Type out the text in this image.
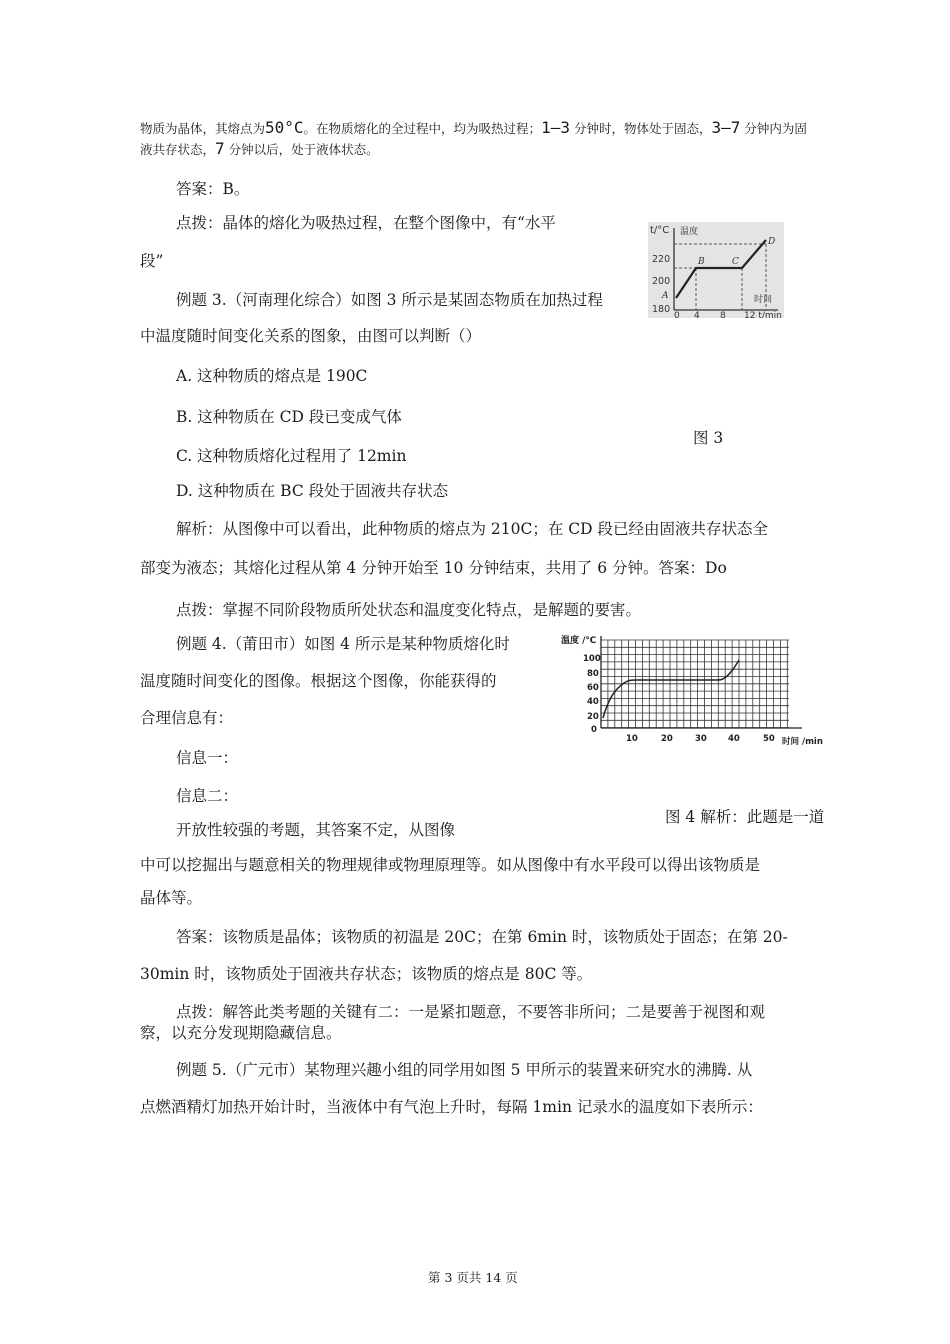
物质为晶体，其熔点为50°C。在物质熔化的全过程中，均为吸热过程；1—3 分钟时，物体处于固态，3–7 分钟内为固
液共存状态，7 分钟以后，处于液体状态。
答案：B。
点拨：晶体的熔化为吸热过程，在整个图像中，有“水平
段”
例题 3.（河南理化综合）如图 3 所示是某固态物质在加热过程
中温度随时间变化关系的图象，由图可以判断（）
A. 这种物质的熔点是 190C
B. 这种物质在 CD 段已变成气体
C. 这种物质熔化过程用了 12min
D. 这种物质在 BC 段处于固液共存状态
图 3
t/°C 温度
220
200
180
A
B	C
D
时间
0 4 8 12 t/min
解析：从图像中可以看出，此种物质的熔点为 210C；在 CD 段已经由固液共存状态全
部变为液态；其熔化过程从第 4 分钟开始至 10 分钟结束，共用了 6 分钟。答案：Do
点拨：掌握不同阶段物质所处状态和温度变化特点，是解题的要害。
例题 4.（莆田市）如图 4 所示是某种物质熔化时
温度随时间变化的图像。根据这个图像，你能获得的
合理信息有：
信息一：
信息二：
图 4 解析：此题是一道
开放性较强的考题，其答案不定，从图像
中可以挖掘出与题意相关的物理规律或物理原理等。如从图像中有水平段可以得出该物质是
晶体等。
温度 /℃
100
80
60
40
20
0
10	20	30 40	50 时间 /min
答案：该物质是晶体；该物质的初温是 20C；在第 6min 时，该物质处于固态；在第 20-
30min 时，该物质处于固液共存状态；该物质的熔点是 80C 等。
点拨：解答此类考题的关键有二：一是紧扣题意，不要答非所问；二是要善于视图和观
察，以充分发现期隐藏信息。
例题 5.（广元市）某物理兴趣小组的同学用如图 5 甲所示的装置来研究水的沸腾. 从
点燃酒精灯加热开始计时，当液体中有气泡上升时，每隔 1min 记录水的温度如下表所示：
第 3 页共 14 页
